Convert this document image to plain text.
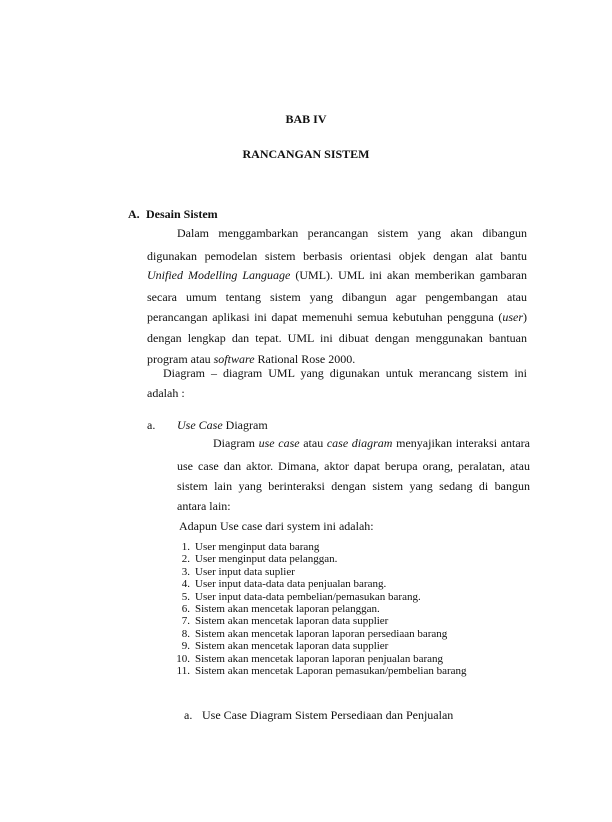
BAB IV
RANCANGAN SISTEM
A. Desain Sistem
Dalam menggambarkan perancangan sistem yang akan dibangun
digunakan pemodelan sistem berbasis orientasi objek dengan alat bantu
Unified Modelling Language (UML). UML ini akan memberikan gambaran
secara umum tentang sistem yang dibangun agar pengembangan atau
perancangan aplikasi ini dapat memenuhi semua kebutuhan pengguna (user)
dengan lengkap dan tepat. UML ini dibuat dengan menggunakan bantuan
program atau software Rational Rose 2000.
Diagram – diagram UML yang digunakan untuk merancang sistem ini
adalah :
a. Use Case Diagram
Diagram use case atau case diagram menyajikan interaksi antara
use case dan aktor. Dimana, aktor dapat berupa orang, peralatan, atau
sistem lain yang berinteraksi dengan sistem yang sedang di bangun
antara lain:
Adapun Use case dari system ini adalah:
1. User menginput data barang
2. User menginput data pelanggan.
3. User input data suplier
4. User input data-data data penjualan barang.
5. User input data-data pembelian/pemasukan barang.
6. Sistem akan mencetak laporan pelanggan.
7. Sistem akan mencetak laporan data supplier
8. Sistem akan mencetak laporan laporan persediaan barang
9. Sistem akan mencetak laporan data supplier
10. Sistem akan mencetak laporan laporan penjualan barang
11. Sistem akan mencetak Laporan pemasukan/pembelian barang
a. Use Case Diagram Sistem Persediaan dan Penjualan
